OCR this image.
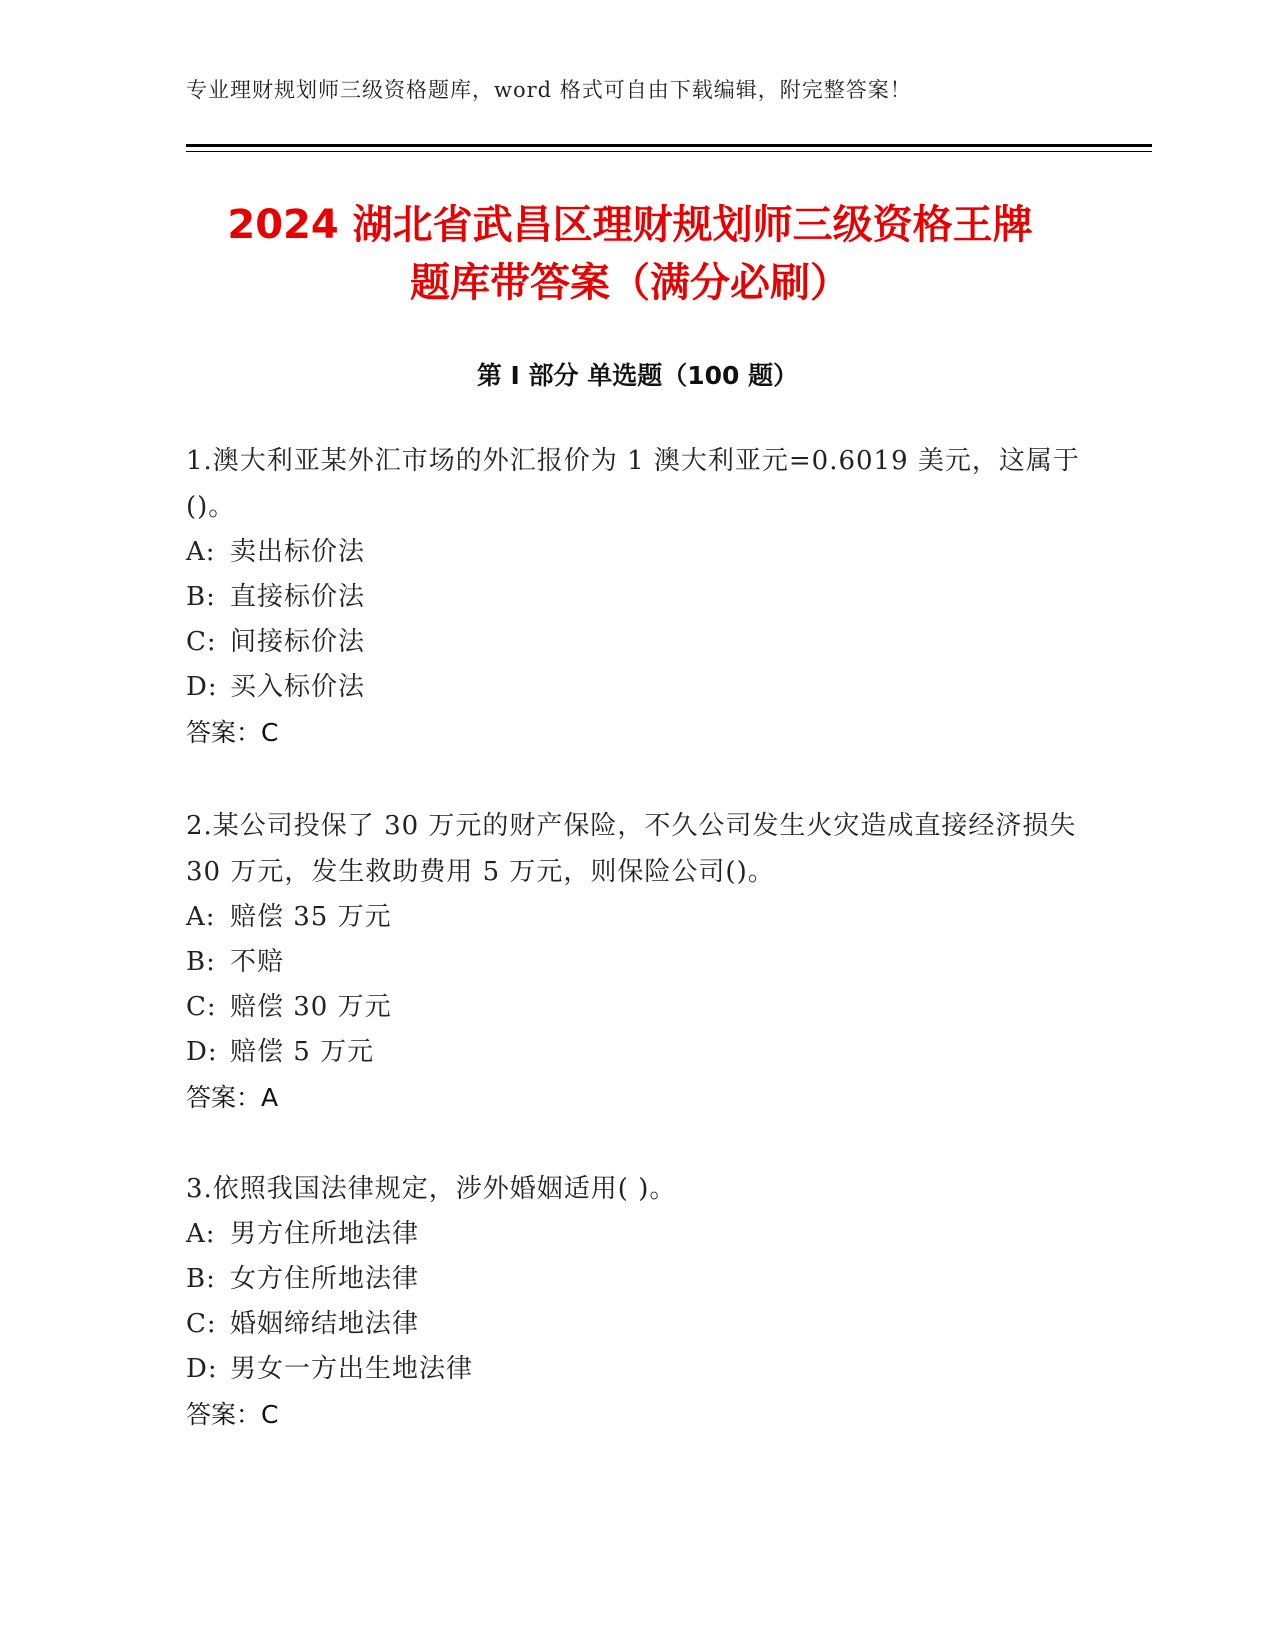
专业理财规划师三级资格题库，word 格式可自由下载编辑，附完整答案！
2024 湖北省武昌区理财规划师三级资格王牌
题库带答案（满分必刷）
第 I 部分 单选题（100 题）
1.澳大利亚某外汇市场的外汇报价为 1 澳大利亚元=0.6019 美元，这属于()。
A: 卖出标价法
B: 直接标价法
C: 间接标价法
D: 买入标价法
答案：C
2.某公司投保了 30 万元的财产保险，不久公司发生火灾造成直接经济损失 30 万元，发生救助费用 5 万元，则保险公司()。
A: 赔偿 35 万元
B: 不赔
C: 赔偿 30 万元
D: 赔偿 5 万元
答案：A
3.依照我国法律规定，涉外婚姻适用( )。
A: 男方住所地法律
B: 女方住所地法律
C: 婚姻缔结地法律
D: 男女一方出生地法律
答案：C
